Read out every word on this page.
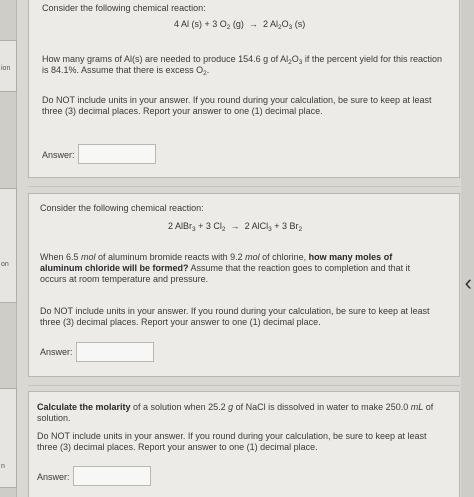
ion
on
n
‹

Consider the following chemical reaction:

4 Al (s) + 3 $O_2$ (g) → 2 $Al_2O_3$ (s)

How many grams of Al(s) are needed to produce 154.6 g of $Al_2O_3$ if the percent yield for this reaction

is 84.1%. Assume that there is excess $O_2$.

Do NOT include units in your answer. If you round during your calculation, be sure to keep at least

three (3) decimal places. Report your answer to one (1) decimal place.

Answer:

Consider the following chemical reaction:

2 AlBr$_3$ + 3 $Cl_2 \to 2$ AlCl$_3$ + 3 $Br_2$

When 6.5 mol of aluminum bromide reacts with 9.2 mol of chlorine, how many moles of

aluminum chloride will be formed? Assume that the reaction goes to completion and that it

occurs at room temperature and pressure.

Do NOT include units in your answer. If you round during your calculation, be sure to keep at least

three (3) decimal places. Report your answer to one (1) decimal place.

Answer:

Calculate the molarity of a solution when 25.2 g of NaCl is dissolved in water to make 250.0 mL of

solution.

Do NOT include units in your answer. If you round during your calculation, be sure to keep at least

three (3) decimal places. Report your answer to one (1) decimal place.

Answer:
